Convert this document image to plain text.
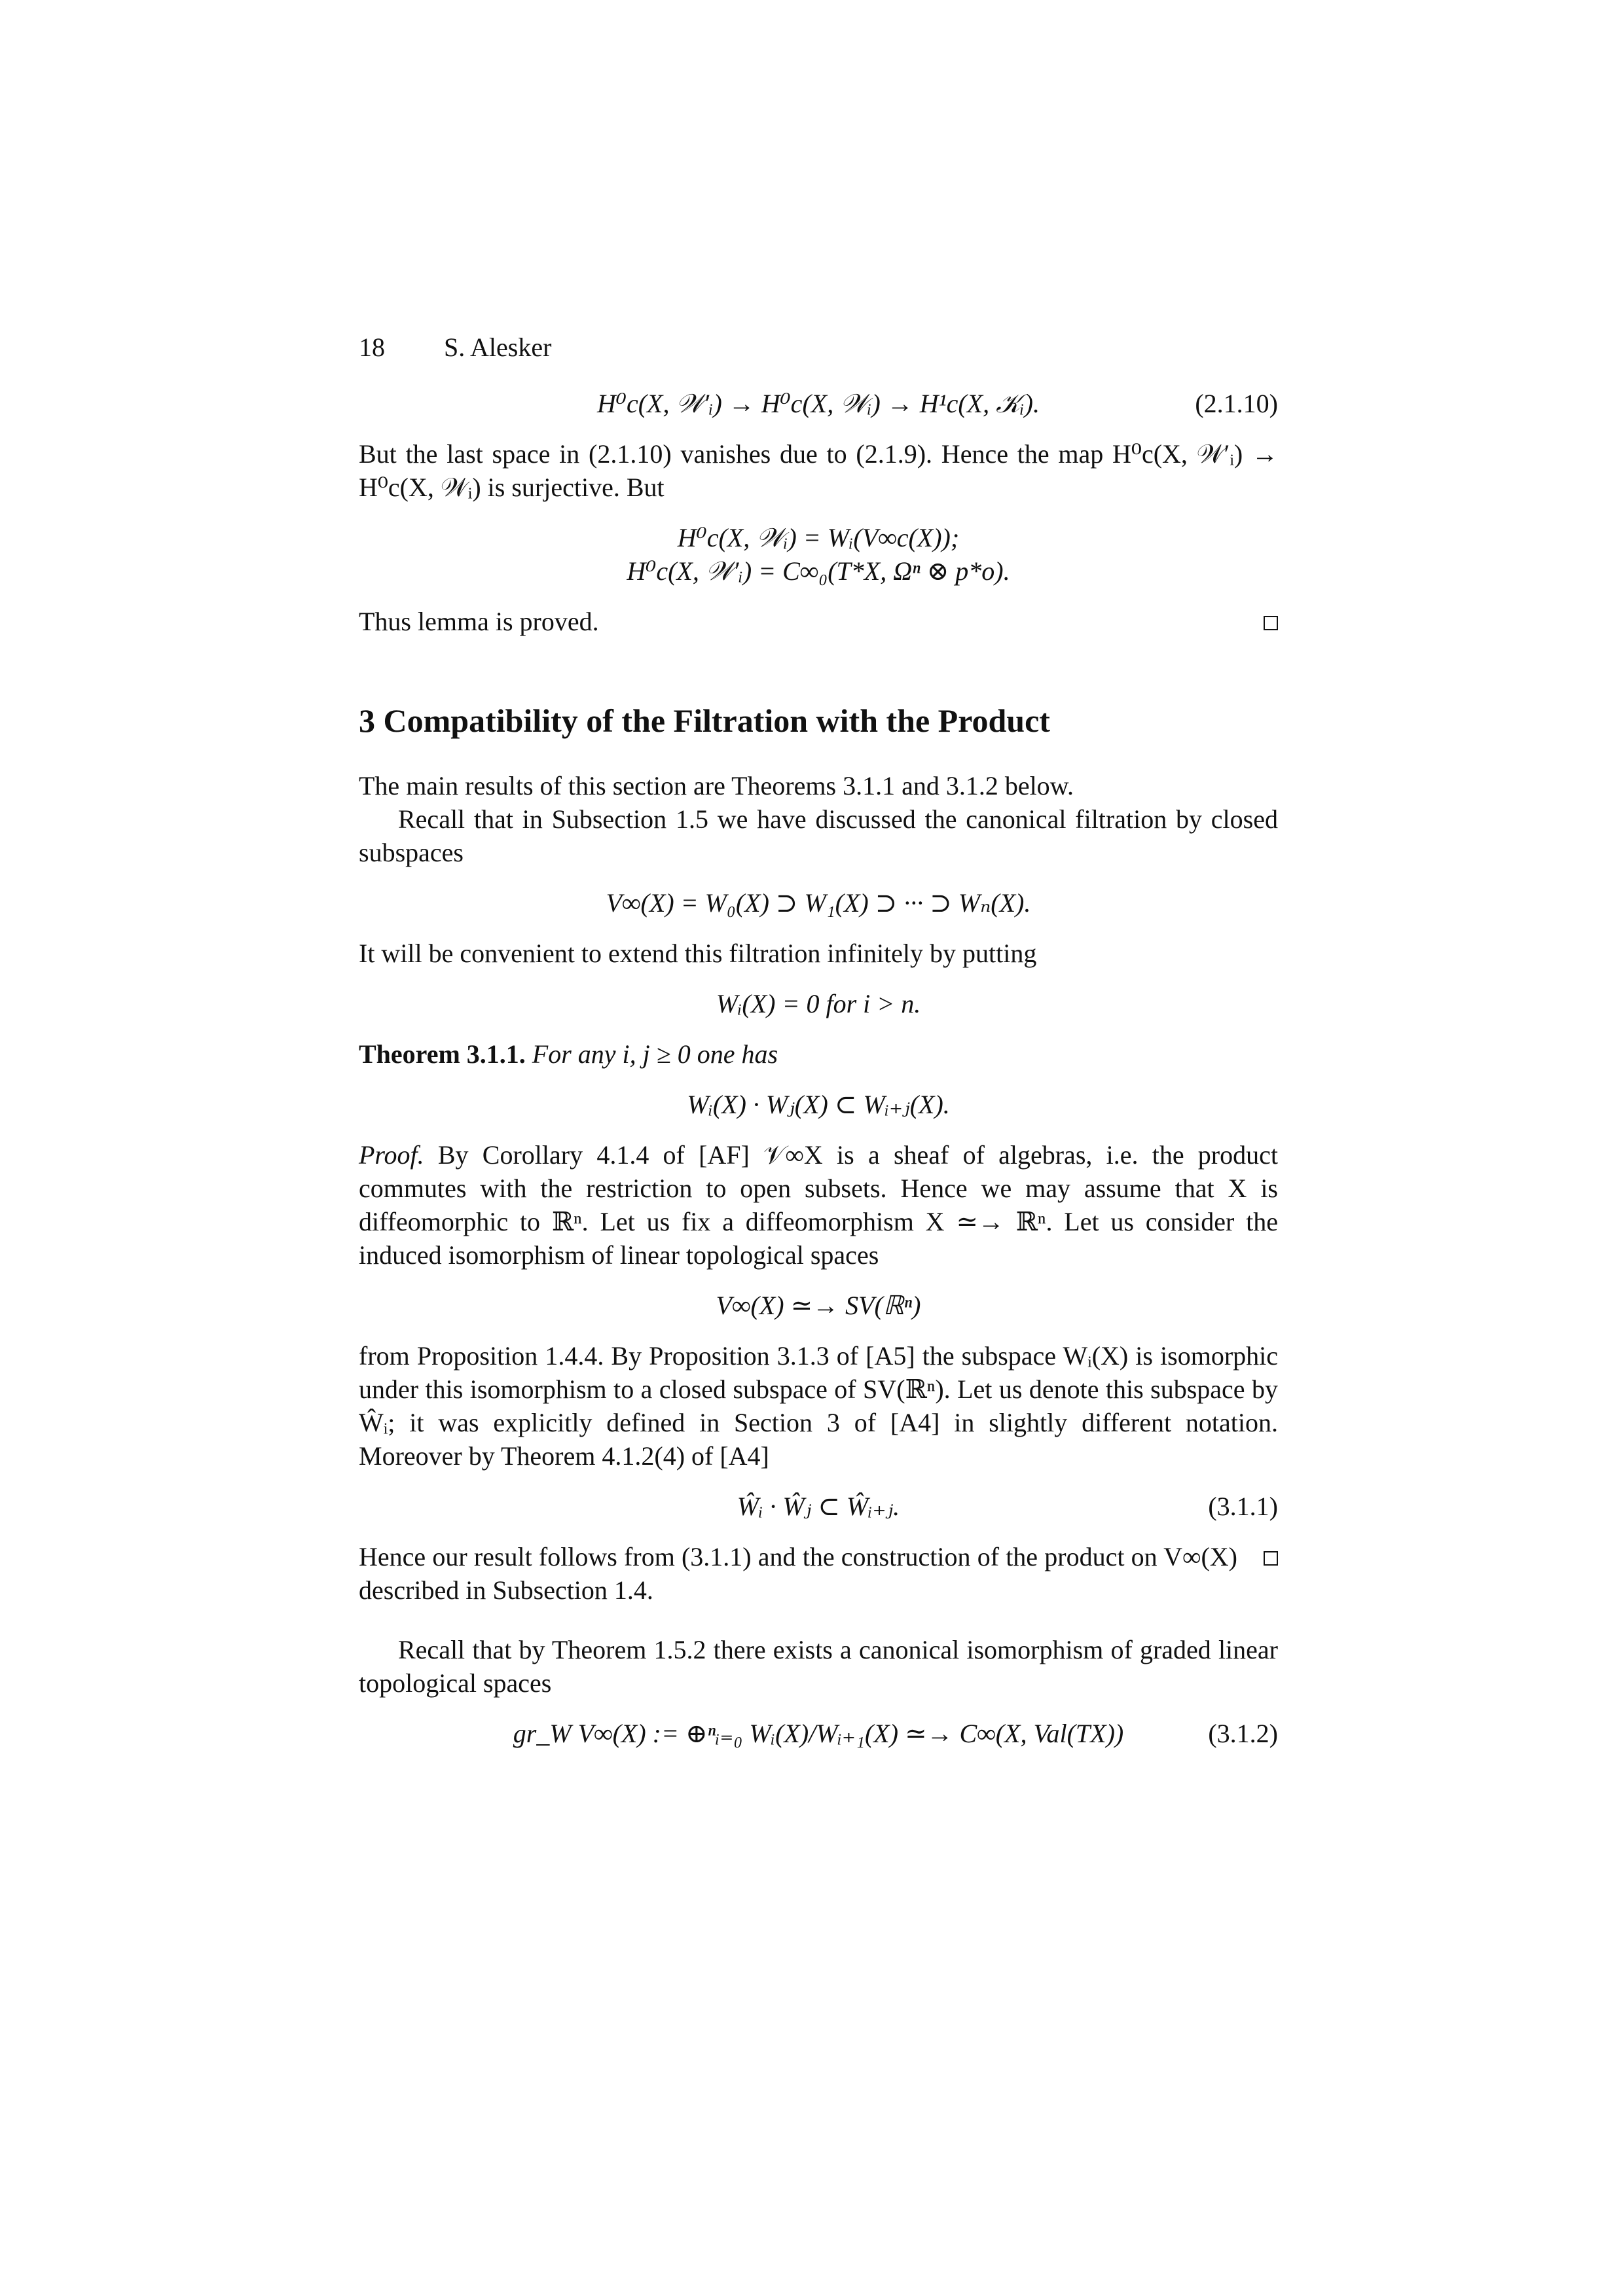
18 S. Alesker
H⁰c(X, 𝒲′ᵢ) → H⁰c(X, 𝒲ᵢ) → H¹c(X, 𝒦ᵢ).	(2.1.10)

But the last space in (2.1.10) vanishes due to (2.1.9). Hence the map H⁰c(X, 𝒲′ᵢ) → H⁰c(X, 𝒲ᵢ) is surjective. But

H⁰c(X, 𝒲ᵢ) = Wᵢ(V∞c(X));
H⁰c(X, 𝒲′ᵢ) = C∞₀(T*X, Ωⁿ ⊗ p*o).
Thus lemma is proved.
3 Compatibility of the Filtration with the Product

The main results of this section are Theorems 3.1.1 and 3.1.2 below.

Recall that in Subsection 1.5 we have discussed the canonical filtration by closed subspaces

V∞(X) = W₀(X) ⊃ W₁(X) ⊃ ··· ⊃ Wₙ(X).

It will be convenient to extend this filtration infinitely by putting

Wᵢ(X) = 0 for i > n.

Theorem 3.1.1. For any i, j ≥ 0 one has

Wᵢ(X) · Wⱼ(X) ⊂ Wᵢ₊ⱼ(X).

Proof. By Corollary 4.1.4 of [AF] 𝒱∞X is a sheaf of algebras, i.e. the product commutes with the restriction to open subsets. Hence we may assume that X is diffeomorphic to ℝⁿ. Let us fix a diffeomorphism X ≃→ ℝⁿ. Let us consider the induced isomorphism of linear topological spaces

V∞(X) ≃→ SV(ℝⁿ)

from Proposition 1.4.4. By Proposition 3.1.3 of [A5] the subspace Wᵢ(X) is isomorphic under this isomorphism to a closed subspace of SV(ℝⁿ). Let us denote this subspace by Ŵᵢ; it was explicitly defined in Section 3 of [A4] in slightly different notation. Moreover by Theorem 4.1.2(4) of [A4]

Ŵᵢ · Ŵⱼ ⊂ Ŵᵢ₊ⱼ.	(3.1.1)

Hence our result follows from (3.1.1) and the construction of the product on V∞(X) described in Subsection 1.4.

Recall that by Theorem 1.5.2 there exists a canonical isomorphism of graded linear topological spaces

gr_W V∞(X) := ⊕ⁿᵢ₌₀ Wᵢ(X)/Wᵢ₊₁(X) ≃→ C∞(X, Val(TX))	(3.1.2)
